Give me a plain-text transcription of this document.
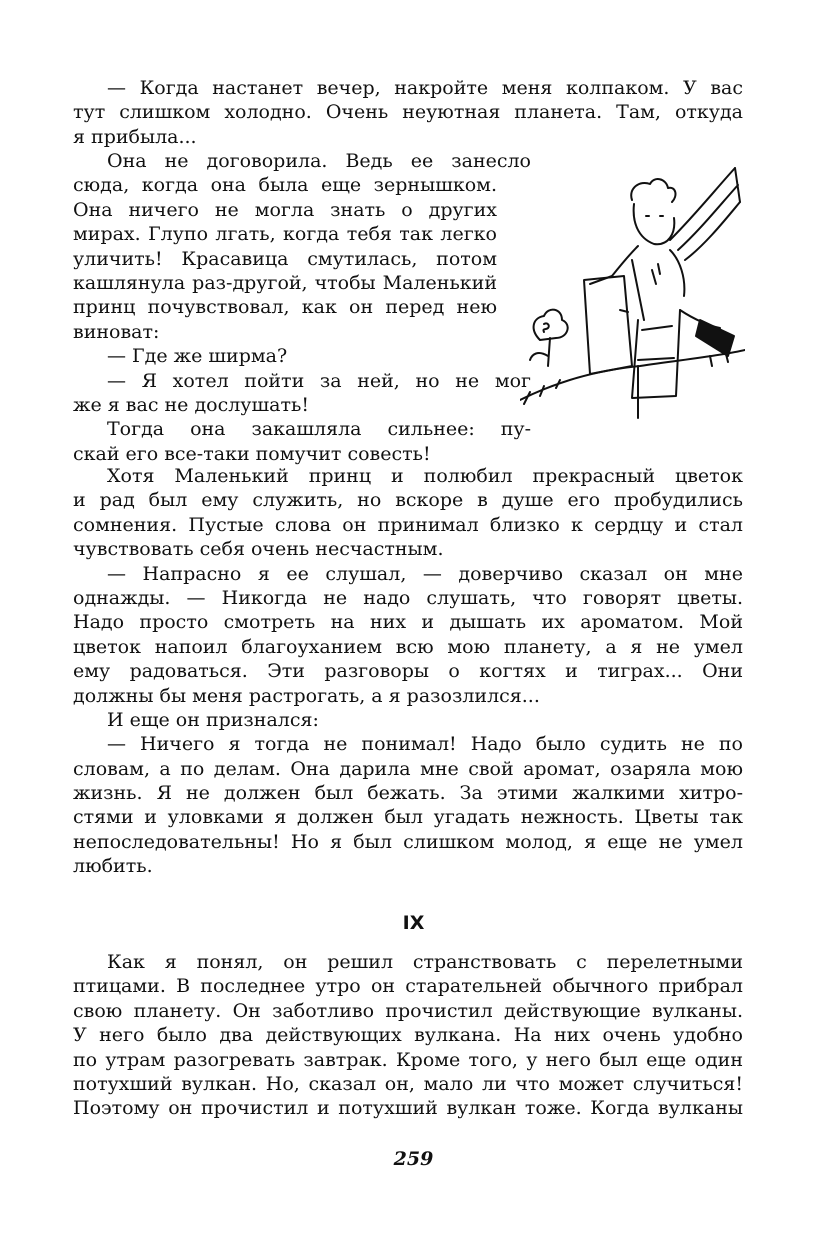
— Когда настанет вечер, накройте меня колпаком. У вас
тут слишком холодно. Очень неуютная планета. Там, откуда
я прибыла...
Она не договорила. Ведь ее занесло
сюда, когда она была еще зернышком.
Она ничего не могла знать о других
мирах. Глупо лгать, когда тебя так легко
уличить! Красавица смутилась, потом
кашлянула раз-другой, чтобы Маленький
принц почувствовал, как он перед нею
виноват:
— Где же ширма?
— Я хотел пойти за ней, но не мог
же я вас не дослушать!
Тогда она закашляла сильнее: пу-
скай его все-таки помучит совесть!
Хотя Маленький принц и полюбил прекрасный цветок
и рад был ему служить, но вскоре в душе его пробудились
сомнения. Пустые слова он принимал близко к сердцу и стал
чувствовать себя очень несчастным.
— Напрасно я ее слушал, — доверчиво сказал он мне
однажды. — Никогда не надо слушать, что говорят цветы.
Надо просто смотреть на них и дышать их ароматом. Мой
цветок напоил благоуханием всю мою планету, а я не умел
ему радоваться. Эти разговоры о когтях и тиграх... Они
должны бы меня растрогать, а я разозлился...
И еще он признался:
— Ничего я тогда не понимал! Надо было судить не по
словам, а по делам. Она дарила мне свой аромат, озаряла мою
жизнь. Я не должен был бежать. За этими жалкими хитро-
стями и уловками я должен был угадать нежность. Цветы так
непоследовательны! Но я был слишком молод, я еще не умел
любить.
IX
Как я понял, он решил странствовать с перелетными
птицами. В последнее утро он старательней обычного прибрал
свою планету. Он заботливо прочистил действующие вулканы.
У него было два действующих вулкана. На них очень удобно
по утрам разогревать завтрак. Кроме того, у него был еще один
потухший вулкан. Но, сказал он, мало ли что может случиться!
Поэтому он прочистил и потухший вулкан тоже. Когда вулканы
259
